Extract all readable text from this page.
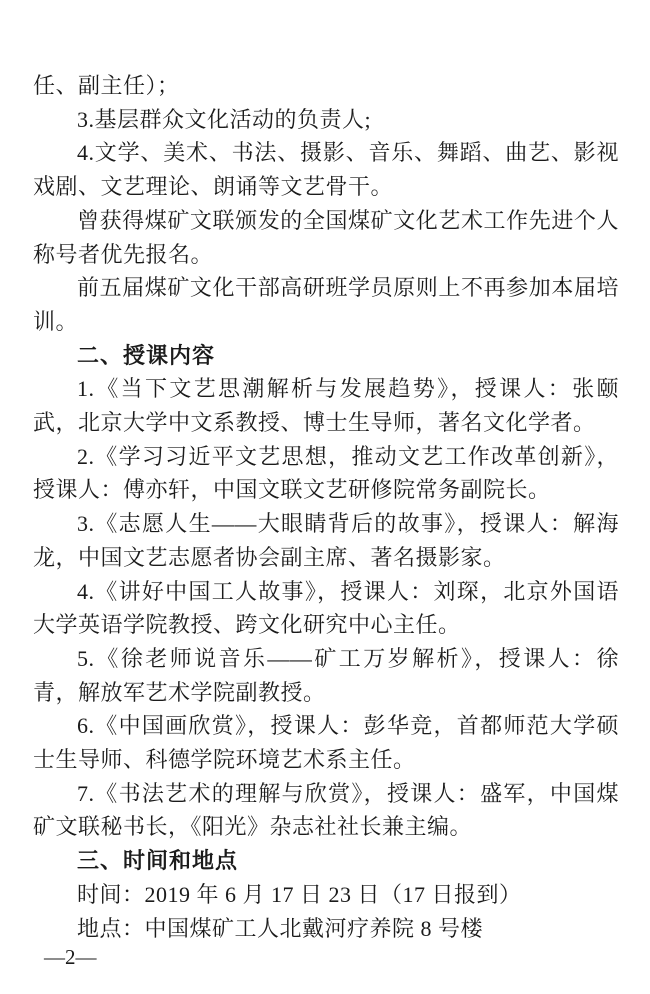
任、副主任）；

3.基层群众文化活动的负责人;

4.文学、美术、书法、摄影、音乐、舞蹈、曲艺、影视戏剧、文艺理论、朗诵等文艺骨干。

曾获得煤矿文联颁发的全国煤矿文化艺术工作先进个人称号者优先报名。

前五届煤矿文化干部高研班学员原则上不再参加本届培训。

二、授课内容

1.《当下文艺思潮解析与发展趋势》，授课人：张颐武，北京大学中文系教授、博士生导师，著名文化学者。

2.《学习习近平文艺思想，推动文艺工作改革创新》，授课人：傅亦轩，中国文联文艺研修院常务副院长。

3.《志愿人生——大眼睛背后的故事》，授课人：解海龙，中国文艺志愿者协会副主席、著名摄影家。

4.《讲好中国工人故事》，授课人：刘琛，北京外国语大学英语学院教授、跨文化研究中心主任。

5.《徐老师说音乐——矿工万岁解析》，授课人：徐青，解放军艺术学院副教授。

6.《中国画欣赏》，授课人：彭华竞，首都师范大学硕士生导师、科德学院环境艺术系主任。

7.《书法艺术的理解与欣赏》，授课人：盛军，中国煤矿文联秘书长，《阳光》杂志社社长兼主编。

三、时间和地点

时间：2019 年 6 月 17 日 23 日（17 日报到）

地点：中国煤矿工人北戴河疗养院 8 号楼

—2—
